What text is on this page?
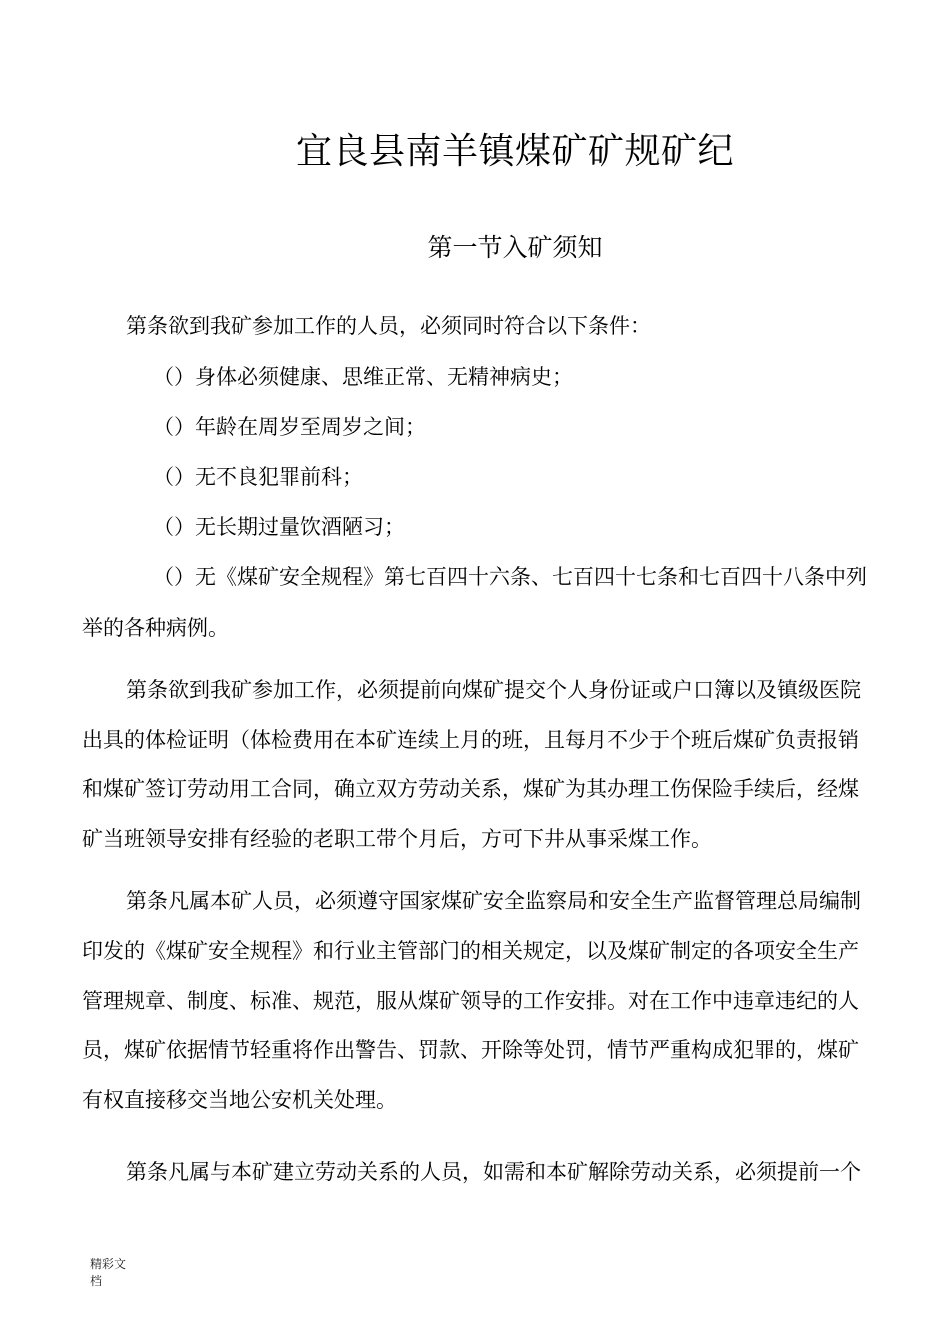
宜良县南羊镇煤矿矿规矿纪
第一节入矿须知
第条欲到我矿参加工作的人员，必须同时符合以下条件：
（）身体必须健康、思维正常、无精神病史；
（）年龄在周岁至周岁之间；
（）无不良犯罪前科；
（）无长期过量饮酒陋习；
（）无《煤矿安全规程》第七百四十六条、七百四十七条和七百四十八条中列
举的各种病例。
第条欲到我矿参加工作，必须提前向煤矿提交个人身份证或户口簿以及镇级医院
出具的体检证明（体检费用在本矿连续上月的班，且每月不少于个班后煤矿负责报销
和煤矿签订劳动用工合同，确立双方劳动关系，煤矿为其办理工伤保险手续后，经煤
矿当班领导安排有经验的老职工带个月后，方可下井从事采煤工作。
第条凡属本矿人员，必须遵守国家煤矿安全监察局和安全生产监督管理总局编制
印发的《煤矿安全规程》和行业主管部门的相关规定，以及煤矿制定的各项安全生产
管理规章、制度、标准、规范，服从煤矿领导的工作安排。对在工作中违章违纪的人
员，煤矿依据情节轻重将作出警告、罚款、开除等处罚，情节严重构成犯罪的，煤矿
有权直接移交当地公安机关处理。
第条凡属与本矿建立劳动关系的人员，如需和本矿解除劳动关系，必须提前一个
精彩文
档
